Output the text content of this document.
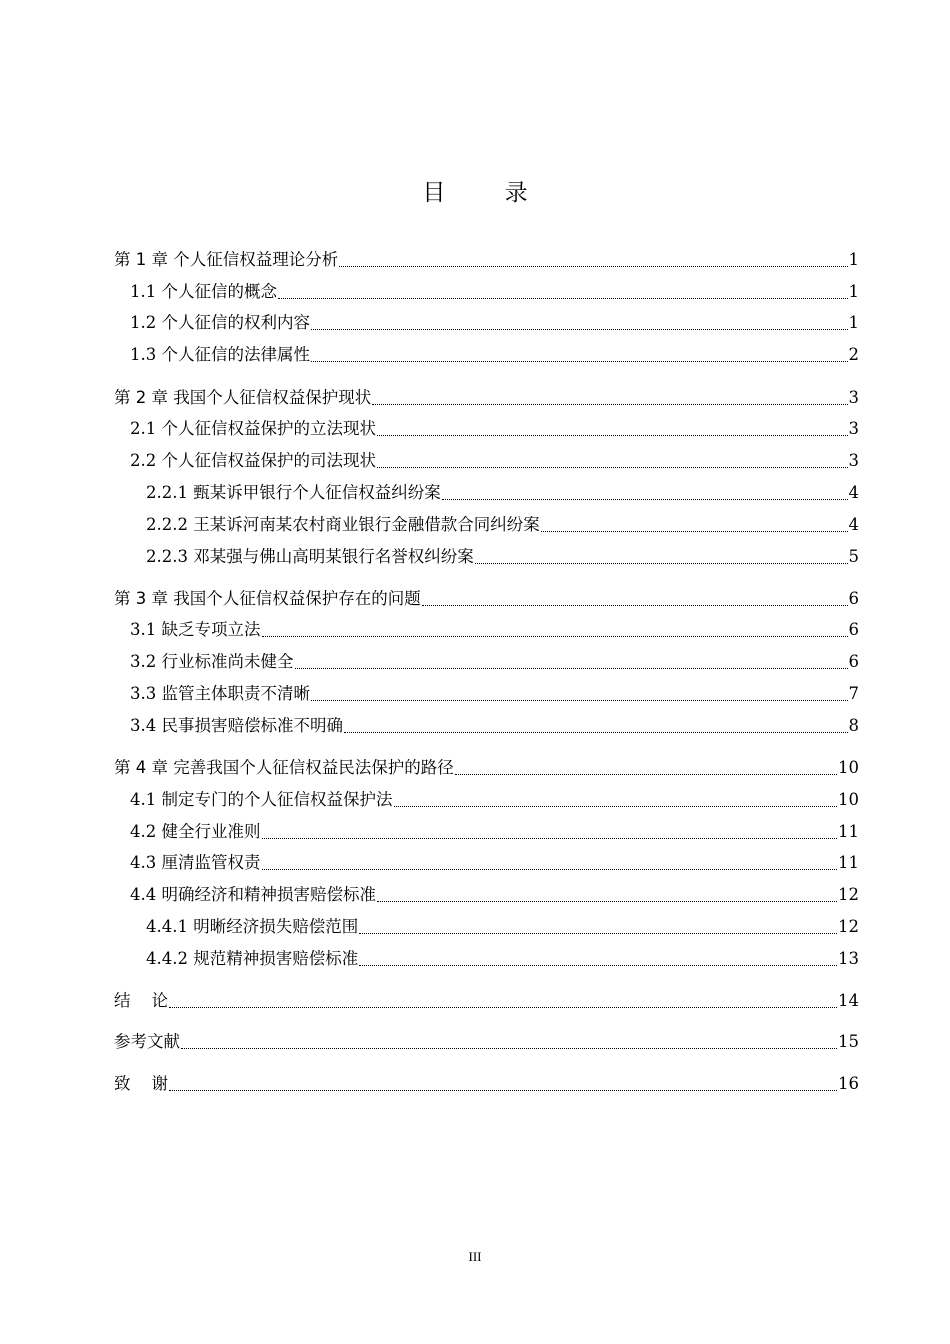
目 录
第 1 章 个人征信权益理论分析	1
1.1 个人征信的概念	1
1.2 个人征信的权利内容	1
1.3 个人征信的法律属性	2
第 2 章 我国个人征信权益保护现状	3
2.1 个人征信权益保护的立法现状	3
2.2 个人征信权益保护的司法现状	3
2.2.1 甄某诉甲银行个人征信权益纠纷案	4
2.2.2 王某诉河南某农村商业银行金融借款合同纠纷案	4
2.2.3 邓某强与佛山高明某银行名誉权纠纷案	5
第 3 章 我国个人征信权益保护存在的问题	6
3.1 缺乏专项立法	6
3.2 行业标准尚未健全	6
3.3 监管主体职责不清晰	7
3.4 民事损害赔偿标准不明确	8
第 4 章 完善我国个人征信权益民法保护的路径	10
4.1 制定专门的个人征信权益保护法	10
4.2 健全行业准则	11
4.3 厘清监管权责	11
4.4 明确经济和精神损害赔偿标准	12
4.4.1 明晰经济损失赔偿范围	12
4.4.2 规范精神损害赔偿标准	13
结    论	14
参考文献	15
致    谢	16
III
